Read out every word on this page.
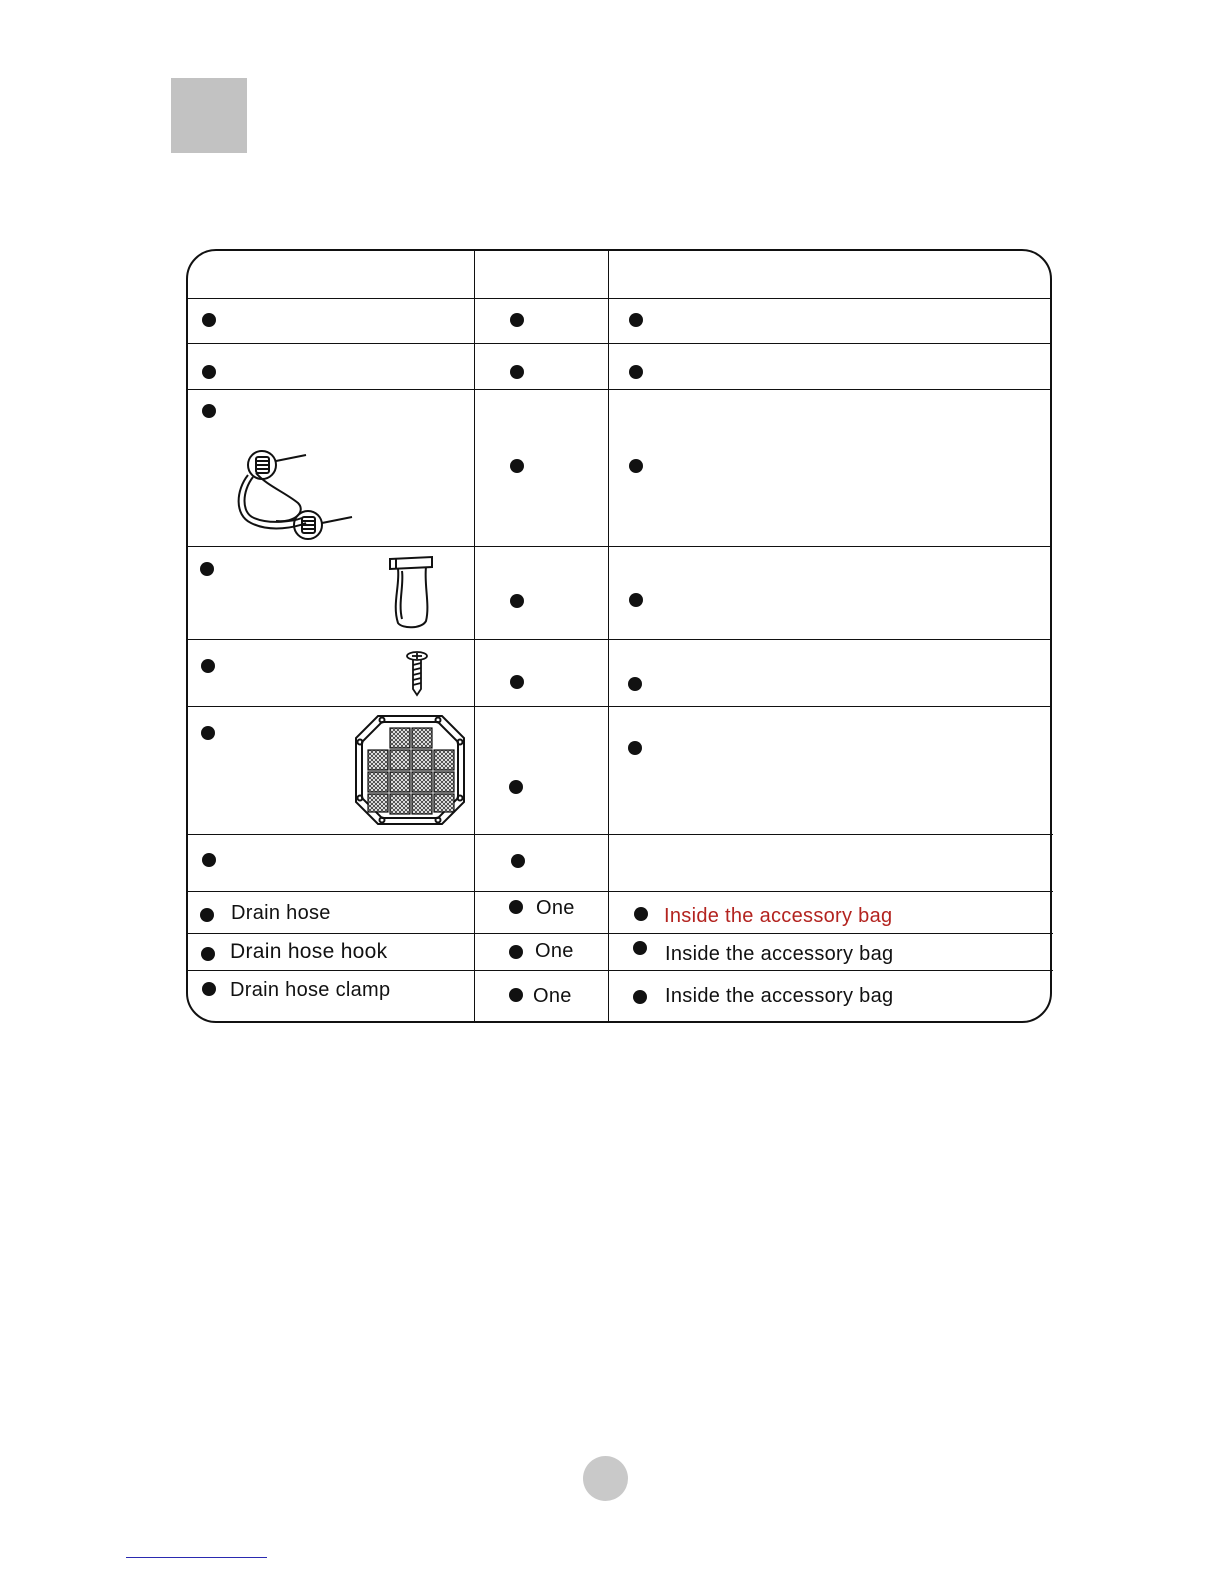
Drain hose	One	Inside the accessory bag
Drain hose hook	One	Inside the accessory bag
Drain hose clamp	One	Inside the accessory bag
